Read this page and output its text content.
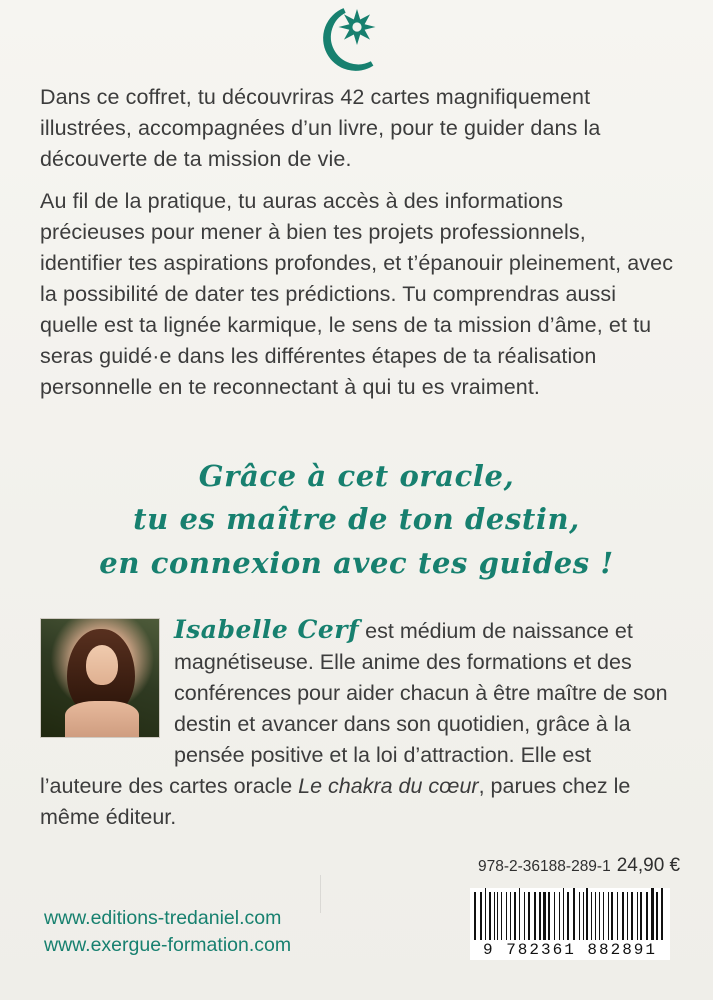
Dans ce coffret, tu découvriras 42 cartes magnifiquement illustrées, accompagnées d’un livre, pour te guider dans la découverte de ta mission de vie.

Au fil de la pratique, tu auras accès à des informations précieuses pour mener à bien tes projets professionnels, identifier tes aspirations profondes, et t’épanouir pleinement, avec la possibilité de dater tes prédictions. Tu comprendras aussi quelle est ta lignée karmique, le sens de ta mission d’âme, et tu seras guidé·e dans les différentes étapes de ta réalisation personnelle en te reconnectant à qui tu es vraiment.

Grâce à cet oracle,
tu es maître de ton destin,
en connexion avec tes guides !

Isabelle Cerf est médium de naissance et magnétiseuse. Elle anime des formations et des conférences pour aider chacun à être maître de son destin et avancer dans son quotidien, grâce à la pensée positive et la loi d’attraction. Elle est l’auteure des cartes oracle Le chakra du cœur, parues chez le même éditeur.

978-2-36188-289-1 24,90 €
www.editions-tredaniel.com
www.exergue-formation.com	9 782361 882891
